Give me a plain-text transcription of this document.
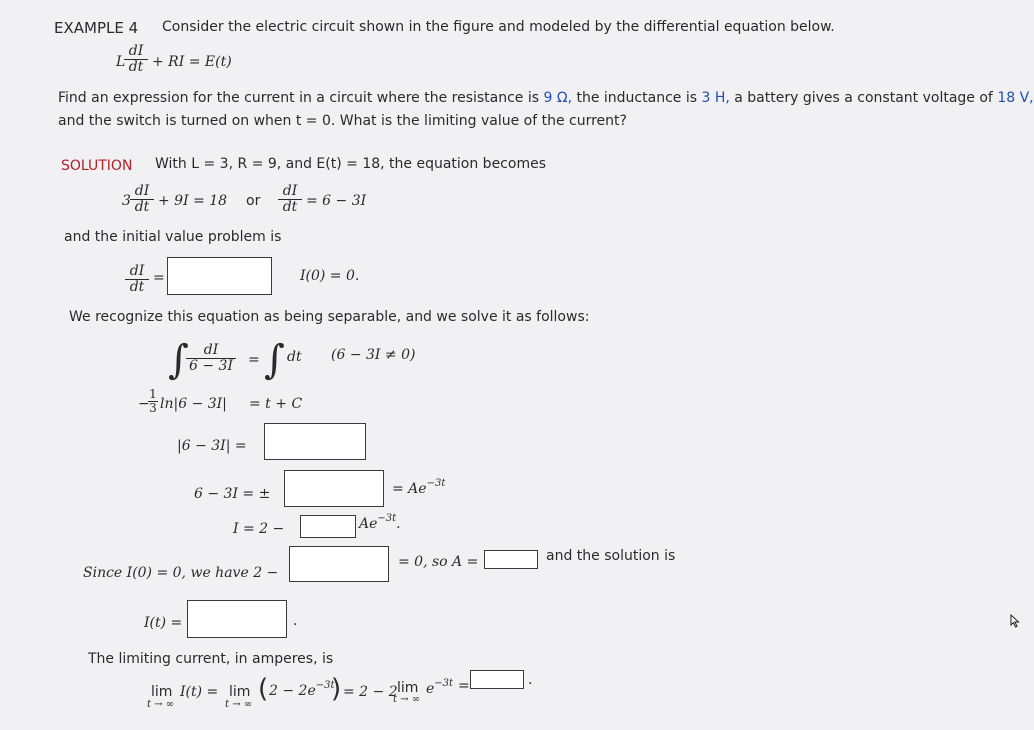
EXAMPLE 4 Consider the electric circuit shown in the figure and modeled by the differential equation below.
L
$\frac{dI}{dt}$ + RI = E(t)
Find an expression for the current in a circuit where the resistance is 9 Ω, the inductance is 3 H, a battery gives a constant voltage of 18 V,
and the switch is turned on when t = 0. What is the limiting value of the current?
SOLUTION With L = 3, R = 9, and E(t) = 18, the equation becomes
$3 \frac{dI}{dt} + 9I = 18$ or $\frac{dI}{dt} = 6 - 3I$
and the initial value problem is
$\frac{dI}{dt}$ =	I(0) = 0.
We recognize this equation as being separable, and we solve it as follows:
∫
$\frac{dI}{6 - 3I}$ = ∫ dt (6 − 3I ≠ 0)
−
$\frac{1}{3} \ln|6 - 3I| = t + C$
|6 − 3I| =
6 − 3I = ±	= $Ae^{-3t}$
I = 2 −	$Ae^{-3t}$.
Since I(0) = 0, we have 2 −
= 0, so A =	and the solution is
I(t) =	.
The limiting current, in amperes, is
lim
t → ∞
I(t) = lim
t → ∞
( $2 - 2e^{-3t}$
) = 2 − 2 lim
t → ∞
$e^{-3t}$ =	.
